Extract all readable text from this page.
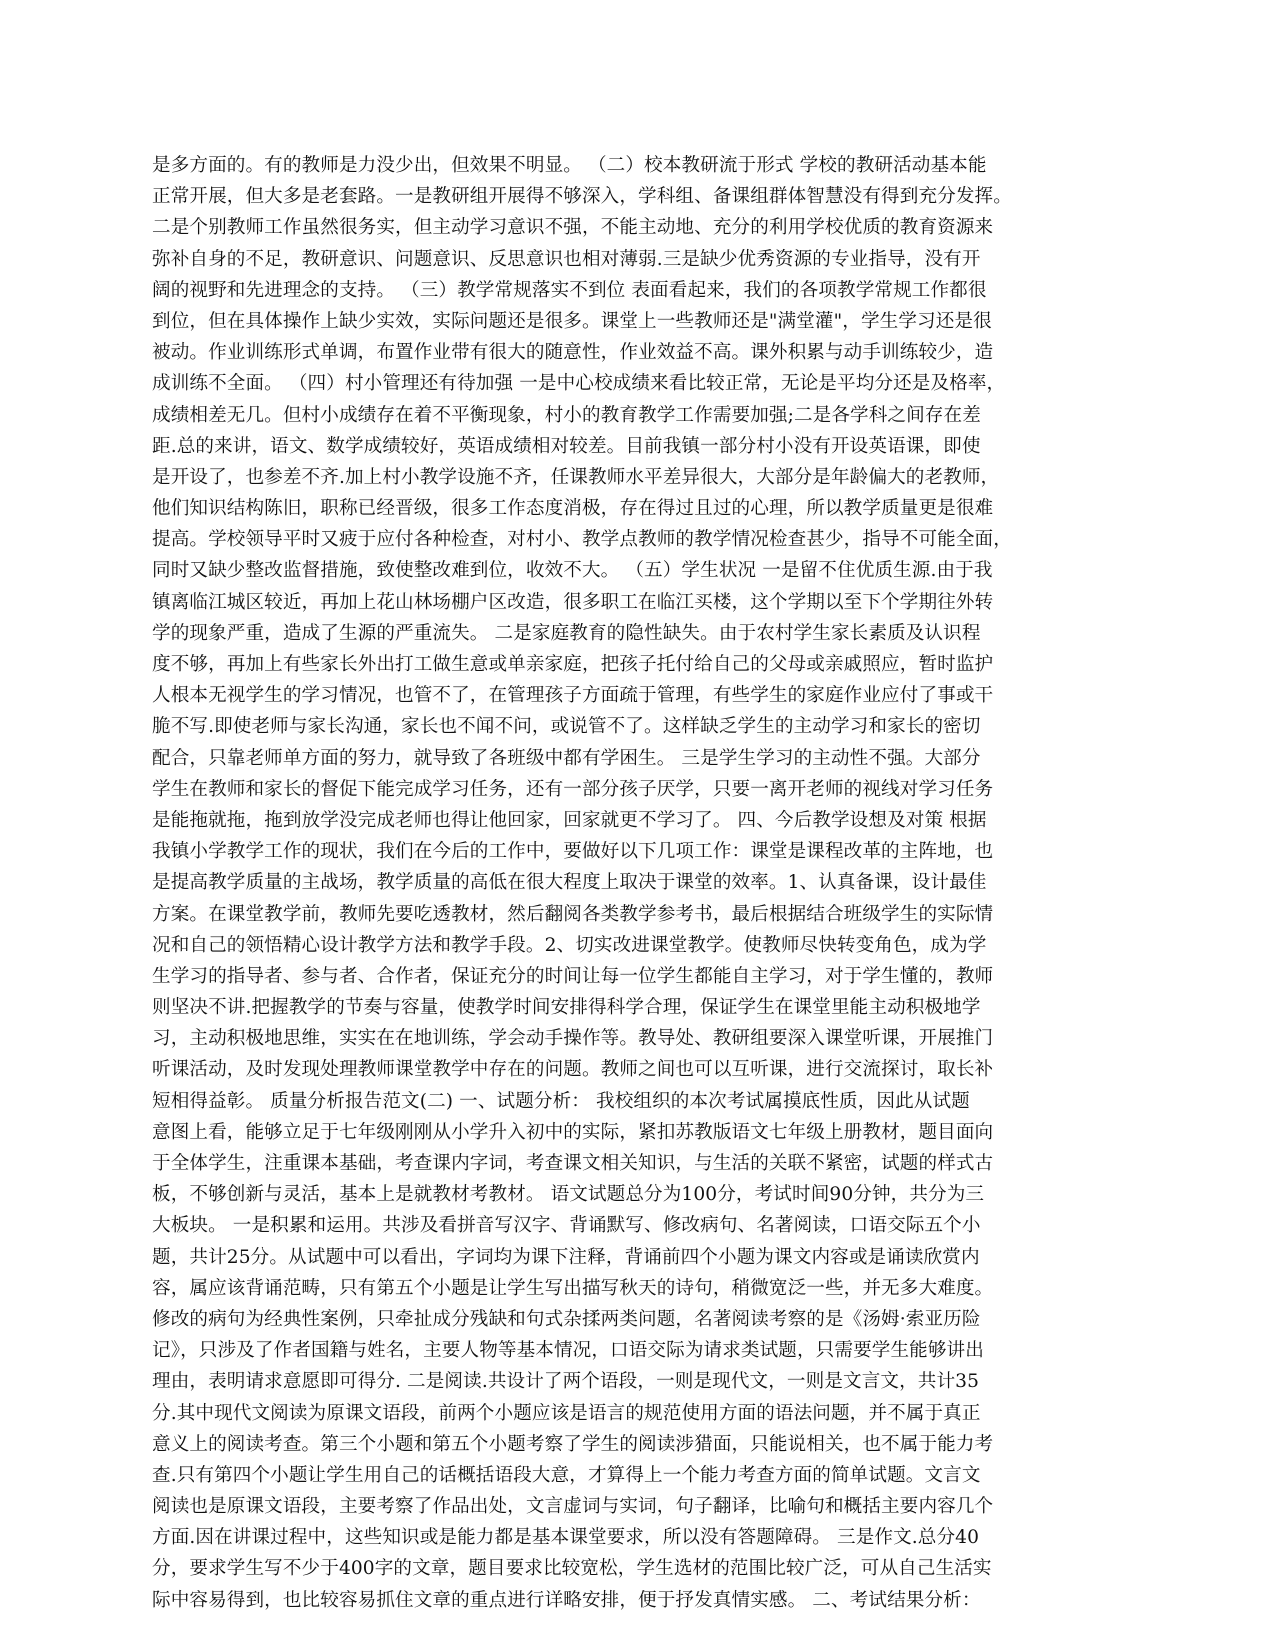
是多方面的。有的教师是力没少出，但效果不明显。 （二）校本教研流于形式 学校的教研活动基本能
正常开展，但大多是老套路。一是教研组开展得不够深入，学科组、备课组群体智慧没有得到充分发挥。
二是个别教师工作虽然很务实，但主动学习意识不强，不能主动地、充分的利用学校优质的教育资源来
弥补自身的不足，教研意识、问题意识、反思意识也相对薄弱.三是缺少优秀资源的专业指导，没有开
阔的视野和先进理念的支持。 （三）教学常规落实不到位 表面看起来，我们的各项教学常规工作都很
到位，但在具体操作上缺少实效，实际问题还是很多。课堂上一些教师还是"满堂灌"，学生学习还是很
被动。作业训练形式单调，布置作业带有很大的随意性，作业效益不高。课外积累与动手训练较少，造
成训练不全面。 （四）村小管理还有待加强 一是中心校成绩来看比较正常，无论是平均分还是及格率，
成绩相差无几。但村小成绩存在着不平衡现象，村小的教育教学工作需要加强;二是各学科之间存在差
距.总的来讲，语文、数学成绩较好，英语成绩相对较差。目前我镇一部分村小没有开设英语课，即使
是开设了，也参差不齐.加上村小教学设施不齐，任课教师水平差异很大，大部分是年龄偏大的老教师，
他们知识结构陈旧，职称已经晋级，很多工作态度消极，存在得过且过的心理，所以教学质量更是很难
提高。学校领导平时又疲于应付各种检查，对村小、教学点教师的教学情况检查甚少，指导不可能全面，
同时又缺少整改监督措施，致使整改难到位，收效不大。 （五）学生状况 一是留不住优质生源.由于我
镇离临江城区较近，再加上花山林场棚户区改造，很多职工在临江买楼，这个学期以至下个学期往外转
学的现象严重，造成了生源的严重流失。 二是家庭教育的隐性缺失。由于农村学生家长素质及认识程
度不够，再加上有些家长外出打工做生意或单亲家庭，把孩子托付给自己的父母或亲戚照应，暂时监护
人根本无视学生的学习情况，也管不了，在管理孩子方面疏于管理，有些学生的家庭作业应付了事或干
脆不写.即使老师与家长沟通，家长也不闻不问，或说管不了。这样缺乏学生的主动学习和家长的密切
配合，只靠老师单方面的努力，就导致了各班级中都有学困生。 三是学生学习的主动性不强。大部分
学生在教师和家长的督促下能完成学习任务，还有一部分孩子厌学，只要一离开老师的视线对学习任务
是能拖就拖，拖到放学没完成老师也得让他回家，回家就更不学习了。 四、今后教学设想及对策 根据
我镇小学教学工作的现状，我们在今后的工作中，要做好以下几项工作：课堂是课程改革的主阵地，也
是提高教学质量的主战场，教学质量的高低在很大程度上取决于课堂的效率。1、认真备课，设计最佳
方案。在课堂教学前，教师先要吃透教材，然后翻阅各类教学参考书，最后根据结合班级学生的实际情
况和自己的领悟精心设计教学方法和教学手段。2、切实改进课堂教学。使教师尽快转变角色，成为学
生学习的指导者、参与者、合作者，保证充分的时间让每一位学生都能自主学习，对于学生懂的，教师
则坚决不讲.把握教学的节奏与容量，使教学时间安排得科学合理，保证学生在课堂里能主动积极地学
习，主动积极地思维，实实在在地训练，学会动手操作等。教导处、教研组要深入课堂听课，开展推门
听课活动，及时发现处理教师课堂教学中存在的问题。教师之间也可以互听课，进行交流探讨，取长补
短相得益彰。 质量分析报告范文(二) 一、试题分析： 我校组织的本次考试属摸底性质，因此从试题
意图上看，能够立足于七年级刚刚从小学升入初中的实际，紧扣苏教版语文七年级上册教材，题目面向
于全体学生，注重课本基础，考查课内字词，考查课文相关知识，与生活的关联不紧密，试题的样式古
板，不够创新与灵活，基本上是就教材考教材。 语文试题总分为100分，考试时间90分钟，共分为三
大板块。 一是积累和运用。共涉及看拼音写汉字、背诵默写、修改病句、名著阅读，口语交际五个小
题，共计25分。从试题中可以看出，字词均为课下注释，背诵前四个小题为课文内容或是诵读欣赏内
容，属应该背诵范畴，只有第五个小题是让学生写出描写秋天的诗句，稍微宽泛一些，并无多大难度。
修改的病句为经典性案例，只牵扯成分残缺和句式杂揉两类问题，名著阅读考察的是《汤姆·索亚历险
记》，只涉及了作者国籍与姓名，主要人物等基本情况，口语交际为请求类试题，只需要学生能够讲出
理由，表明请求意愿即可得分. 二是阅读.共设计了两个语段，一则是现代文，一则是文言文，共计35
分.其中现代文阅读为原课文语段，前两个小题应该是语言的规范使用方面的语法问题，并不属于真正
意义上的阅读考查。第三个小题和第五个小题考察了学生的阅读涉猎面，只能说相关，也不属于能力考
查.只有第四个小题让学生用自己的话概括语段大意，才算得上一个能力考查方面的简单试题。文言文
阅读也是原课文语段，主要考察了作品出处，文言虚词与实词，句子翻译，比喻句和概括主要内容几个
方面.因在讲课过程中，这些知识或是能力都是基本课堂要求，所以没有答题障碍。 三是作文.总分40
分，要求学生写不少于400字的文章，题目要求比较宽松，学生选材的范围比较广泛，可从自己生活实
际中容易得到，也比较容易抓住文章的重点进行详略安排，便于抒发真情实感。 二、考试结果分析：
